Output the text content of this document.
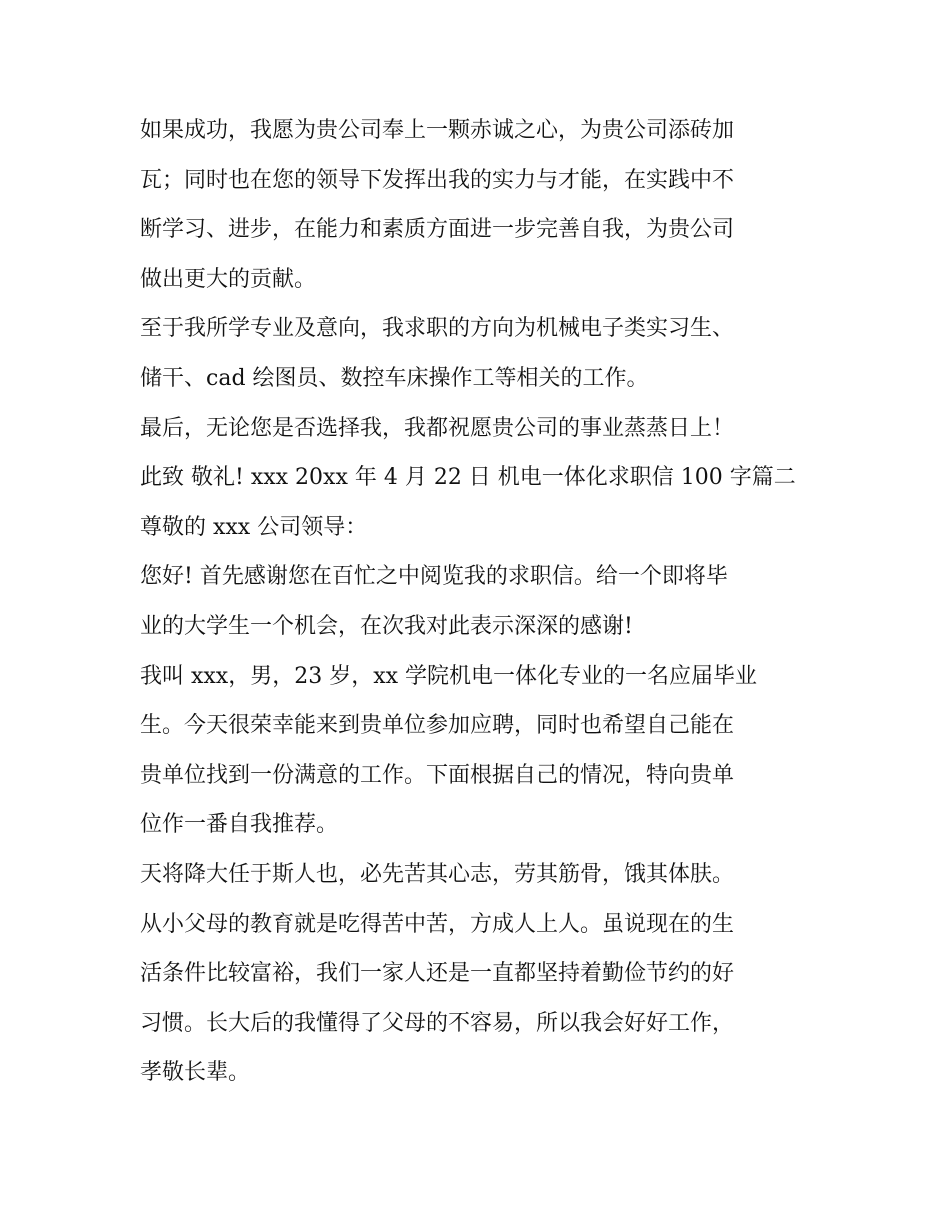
如果成功，我愿为贵公司奉上一颗赤诚之心，为贵公司添砖加
瓦；同时也在您的领导下发挥出我的实力与才能，在实践中不
断学习、进步，在能力和素质方面进一步完善自我，为贵公司
做出更大的贡献。
至于我所学专业及意向，我求职的方向为机械电子类实习生、
储干、cad 绘图员、数控车床操作工等相关的工作。
最后，无论您是否选择我，我都祝愿贵公司的事业蒸蒸日上！
此致 敬礼! xxx 20xx 年 4 月 22 日 机电一体化求职信 100 字篇二
尊敬的 xxx 公司领导：
您好! 首先感谢您在百忙之中阅览我的求职信。给一个即将毕
业的大学生一个机会，在次我对此表示深深的感谢!
我叫 xxx，男，23 岁，xx 学院机电一体化专业的一名应届毕业
生。今天很荣幸能来到贵单位参加应聘，同时也希望自己能在
贵单位找到一份满意的工作。下面根据自己的情况，特向贵单
位作一番自我推荐。
天将降大任于斯人也，必先苦其心志，劳其筋骨，饿其体肤。
从小父母的教育就是吃得苦中苦，方成人上人。虽说现在的生
活条件比较富裕，我们一家人还是一直都坚持着勤俭节约的好
习惯。长大后的我懂得了父母的不容易，所以我会好好工作，
孝敬长辈。
